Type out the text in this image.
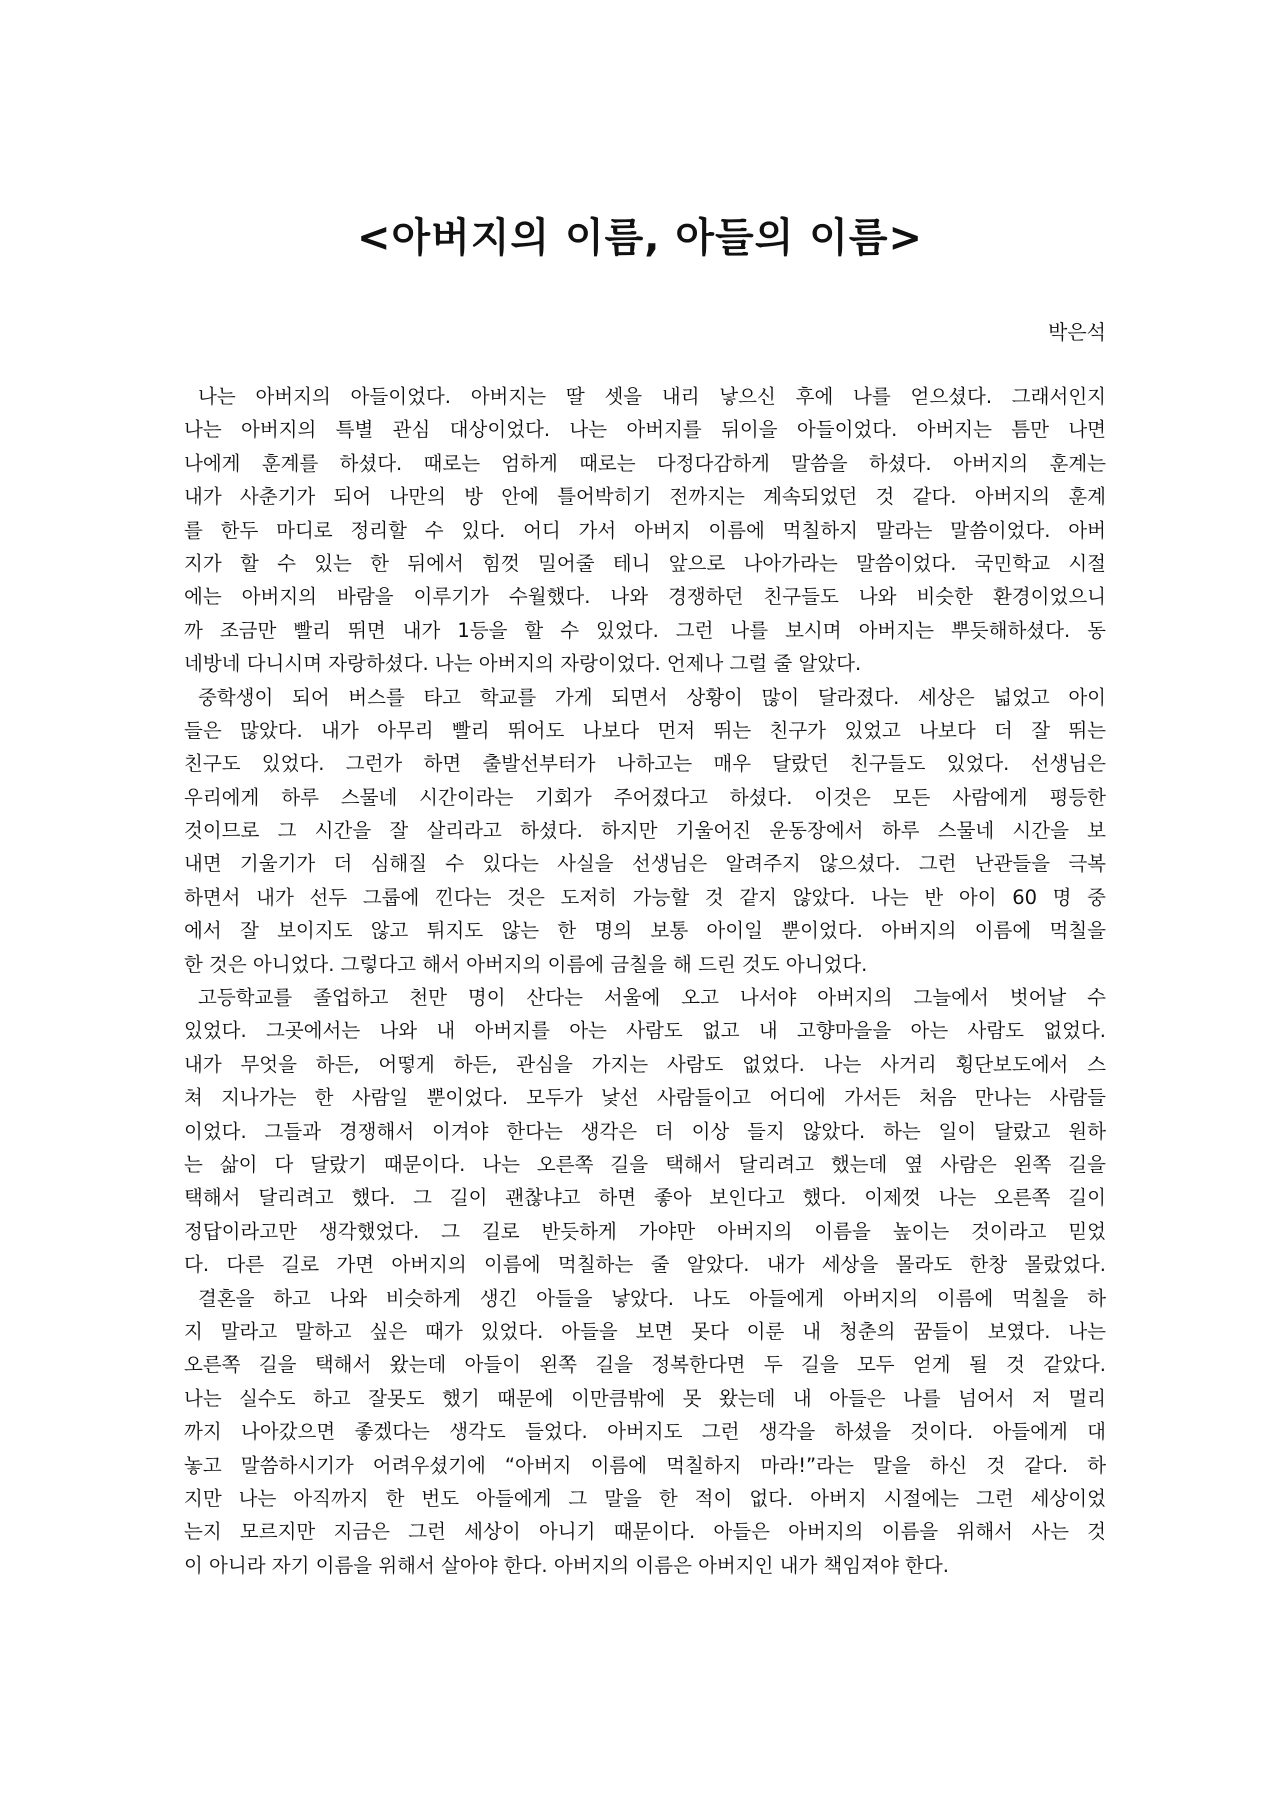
<아버지의 이름, 아들의 이름>
박은석
나는 아버지의 아들이었다. 아버지는 딸 셋을 내리 낳으신 후에 나를 얻으셨다. 그래서인지
나는 아버지의 특별 관심 대상이었다. 나는 아버지를 뒤이을 아들이었다. 아버지는 틈만 나면
나에게 훈계를 하셨다. 때로는 엄하게 때로는 다정다감하게 말씀을 하셨다. 아버지의 훈계는
내가 사춘기가 되어 나만의 방 안에 틀어박히기 전까지는 계속되었던 것 같다. 아버지의 훈계
를 한두 마디로 정리할 수 있다. 어디 가서 아버지 이름에 먹칠하지 말라는 말씀이었다. 아버
지가 할 수 있는 한 뒤에서 힘껏 밀어줄 테니 앞으로 나아가라는 말씀이었다. 국민학교 시절
에는 아버지의 바람을 이루기가 수월했다. 나와 경쟁하던 친구들도 나와 비슷한 환경이었으니
까 조금만 빨리 뛰면 내가 1등을 할 수 있었다. 그런 나를 보시며 아버지는 뿌듯해하셨다. 동
네방네 다니시며 자랑하셨다. 나는 아버지의 자랑이었다. 언제나 그럴 줄 알았다.
중학생이 되어 버스를 타고 학교를 가게 되면서 상황이 많이 달라졌다. 세상은 넓었고 아이
들은 많았다. 내가 아무리 빨리 뛰어도 나보다 먼저 뛰는 친구가 있었고 나보다 더 잘 뛰는
친구도 있었다. 그런가 하면 출발선부터가 나하고는 매우 달랐던 친구들도 있었다. 선생님은
우리에게 하루 스물네 시간이라는 기회가 주어졌다고 하셨다. 이것은 모든 사람에게 평등한
것이므로 그 시간을 잘 살리라고 하셨다. 하지만 기울어진 운동장에서 하루 스물네 시간을 보
내면 기울기가 더 심해질 수 있다는 사실을 선생님은 알려주지 않으셨다. 그런 난관들을 극복
하면서 내가 선두 그룹에 낀다는 것은 도저히 가능할 것 같지 않았다. 나는 반 아이 60 명 중
에서 잘 보이지도 않고 튀지도 않는 한 명의 보통 아이일 뿐이었다. 아버지의 이름에 먹칠을
한 것은 아니었다. 그렇다고 해서 아버지의 이름에 금칠을 해 드린 것도 아니었다.
고등학교를 졸업하고 천만 명이 산다는 서울에 오고 나서야 아버지의 그늘에서 벗어날 수
있었다. 그곳에서는 나와 내 아버지를 아는 사람도 없고 내 고향마을을 아는 사람도 없었다.
내가 무엇을 하든, 어떻게 하든, 관심을 가지는 사람도 없었다. 나는 사거리 횡단보도에서 스
쳐 지나가는 한 사람일 뿐이었다. 모두가 낯선 사람들이고 어디에 가서든 처음 만나는 사람들
이었다. 그들과 경쟁해서 이겨야 한다는 생각은 더 이상 들지 않았다. 하는 일이 달랐고 원하
는 삶이 다 달랐기 때문이다. 나는 오른쪽 길을 택해서 달리려고 했는데 옆 사람은 왼쪽 길을
택해서 달리려고 했다. 그 길이 괜찮냐고 하면 좋아 보인다고 했다. 이제껏 나는 오른쪽 길이
정답이라고만 생각했었다. 그 길로 반듯하게 가야만 아버지의 이름을 높이는 것이라고 믿었
다. 다른 길로 가면 아버지의 이름에 먹칠하는 줄 알았다. 내가 세상을 몰라도 한창 몰랐었다.
결혼을 하고 나와 비슷하게 생긴 아들을 낳았다. 나도 아들에게 아버지의 이름에 먹칠을 하
지 말라고 말하고 싶은 때가 있었다. 아들을 보면 못다 이룬 내 청춘의 꿈들이 보였다. 나는
오른쪽 길을 택해서 왔는데 아들이 왼쪽 길을 정복한다면 두 길을 모두 얻게 될 것 같았다.
나는 실수도 하고 잘못도 했기 때문에 이만큼밖에 못 왔는데 내 아들은 나를 넘어서 저 멀리
까지 나아갔으면 좋겠다는 생각도 들었다. 아버지도 그런 생각을 하셨을 것이다. 아들에게 대
놓고 말씀하시기가 어려우셨기에 “아버지 이름에 먹칠하지 마라!”라는 말을 하신 것 같다. 하
지만 나는 아직까지 한 번도 아들에게 그 말을 한 적이 없다. 아버지 시절에는 그런 세상이었
는지 모르지만 지금은 그런 세상이 아니기 때문이다. 아들은 아버지의 이름을 위해서 사는 것
이 아니라 자기 이름을 위해서 살아야 한다. 아버지의 이름은 아버지인 내가 책임져야 한다.
